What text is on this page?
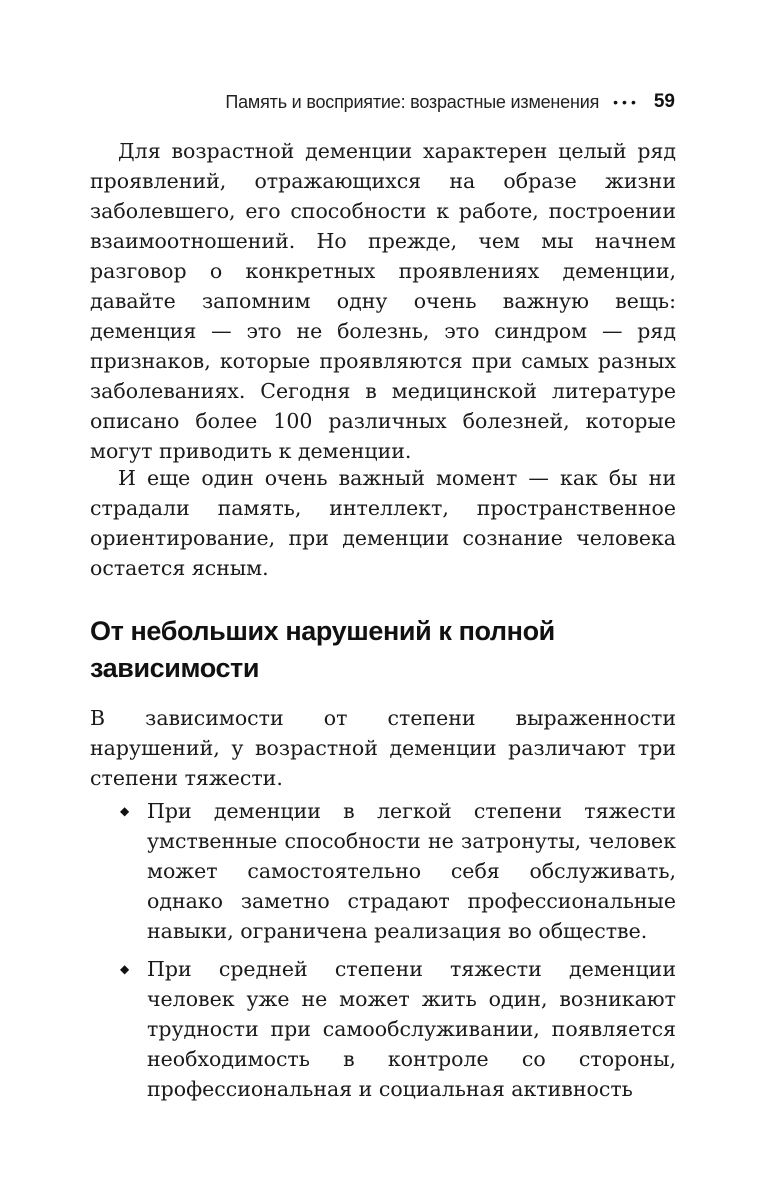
Память и восприятие: возрастные изменения ••• 59

Для возрастной деменции характерен целый ряд проявлений, отражающихся на образе жизни заболевшего, его способности к работе, построении взаимоотношений. Но прежде, чем мы начнем разговор о конкретных проявлениях деменции, давайте запомним одну очень важную вещь: деменция — это не болезнь, это синдром — ряд признаков, которые проявляются при самых разных заболеваниях. Сегодня в медицинской литературе описано более 100 различных болезней, которые могут приводить к деменции.

И еще один очень важный момент — как бы ни страдали память, интеллект, пространственное ориентирование, при деменции сознание человека остается ясным.

От небольших нарушений к полной зависимости

В зависимости от степени выраженности нарушений, у возрастной деменции различают три степени тяжести.

◆ При деменции в легкой степени тяжести умственные способности не затронуты, человек может самостоятельно себя обслуживать, однако заметно страдают профессиональные навыки, ограничена реализация во обществе.
◆ При средней степени тяжести деменции человек уже не может жить один, возникают трудности при самообслуживании, появляется необходимость в контроле со стороны, профессиональная и социальная активность
